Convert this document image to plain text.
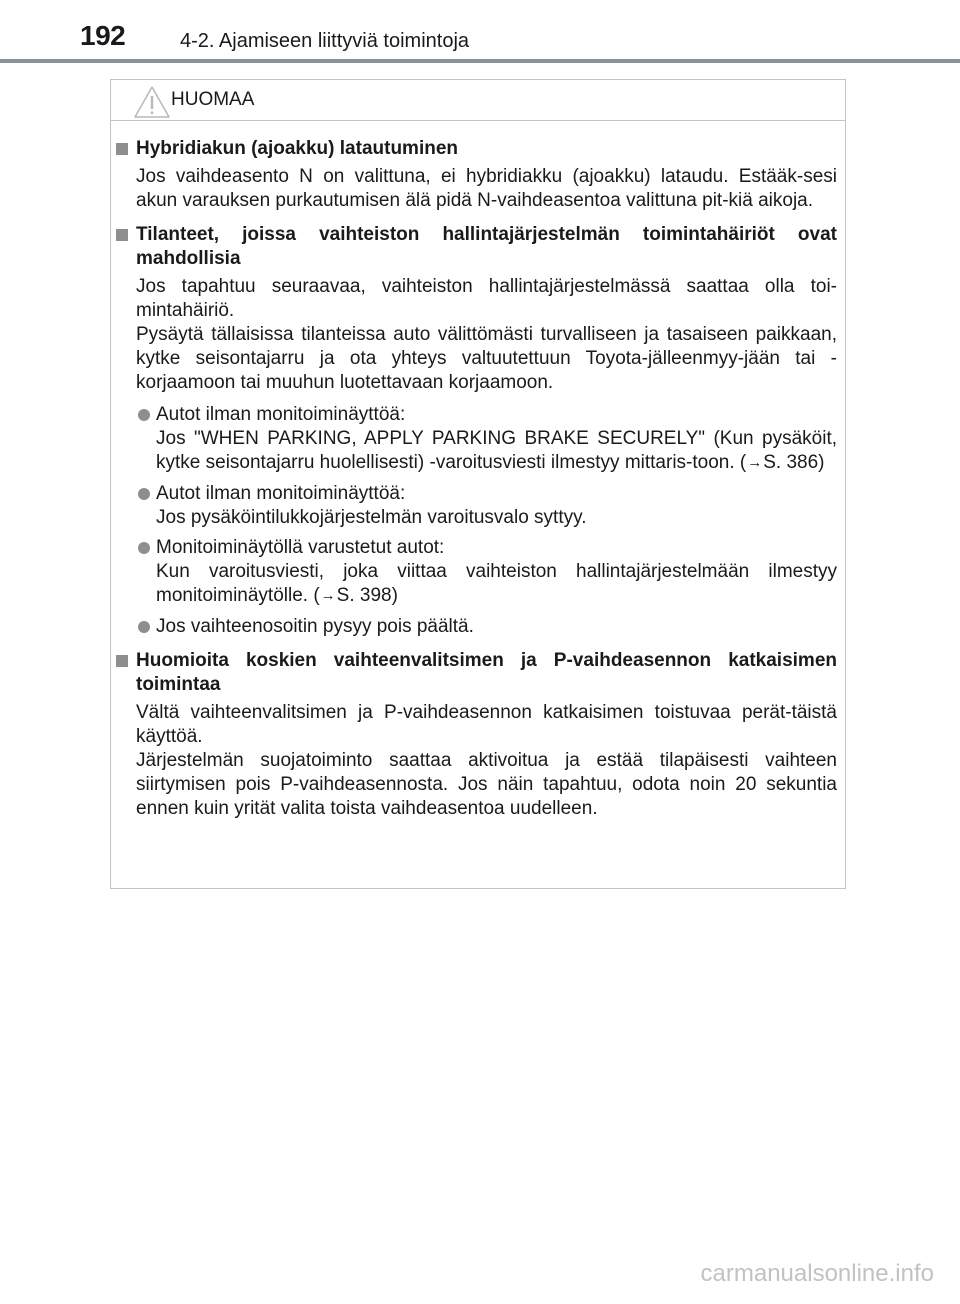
192	4-2. Ajamiseen liittyviä toimintoja
HUOMAA
Hybridiakun (ajoakku) latautuminen
Jos vaihdeasento N on valittuna, ei hybridiakku (ajoakku) lataudu. Estääk-sesi akun varauksen purkautumisen älä pidä N-vaihdeasentoa valittuna pit-kiä aikoja.
Tilanteet, joissa vaihteiston hallintajärjestelmän toimintahäiriöt ovat mahdollisia
Jos tapahtuu seuraavaa, vaihteiston hallintajärjestelmässä saattaa olla toi-mintahäiriö.
Pysäytä tällaisissa tilanteissa auto välittömästi turvalliseen ja tasaiseen paikkaan, kytke seisontajarru ja ota yhteys valtuutettuun Toyota-jälleenmyy-jään tai -korjaamoon tai muuhun luotettavaan korjaamoon.
Autot ilman monitoiminäyttöä:
Jos "WHEN PARKING, APPLY PARKING BRAKE SECURELY" (Kun pysäköit, kytke seisontajarru huolellisesti) -varoitusviesti ilmestyy mittaris-toon. (→S. 386)
Autot ilman monitoiminäyttöä:
Jos pysäköintilukkojärjestelmän varoitusvalo syttyy.
Monitoiminäytöllä varustetut autot:
Kun varoitusviesti, joka viittaa vaihteiston hallintajärjestelmään ilmestyy monitoiminäytölle. (→S. 398)
Jos vaihteenosoitin pysyy pois päältä.
Huomioita koskien vaihteenvalitsimen ja P-vaihdeasennon katkaisimen toimintaa
Vältä vaihteenvalitsimen ja P-vaihdeasennon katkaisimen toistuvaa perät-täistä käyttöä.
Järjestelmän suojatoiminto saattaa aktivoitua ja estää tilapäisesti vaihteen siirtymisen pois P-vaihdeasennosta. Jos näin tapahtuu, odota noin 20 sekuntia ennen kuin yrität valita toista vaihdeasentoa uudelleen.
carmanualsonline.info
